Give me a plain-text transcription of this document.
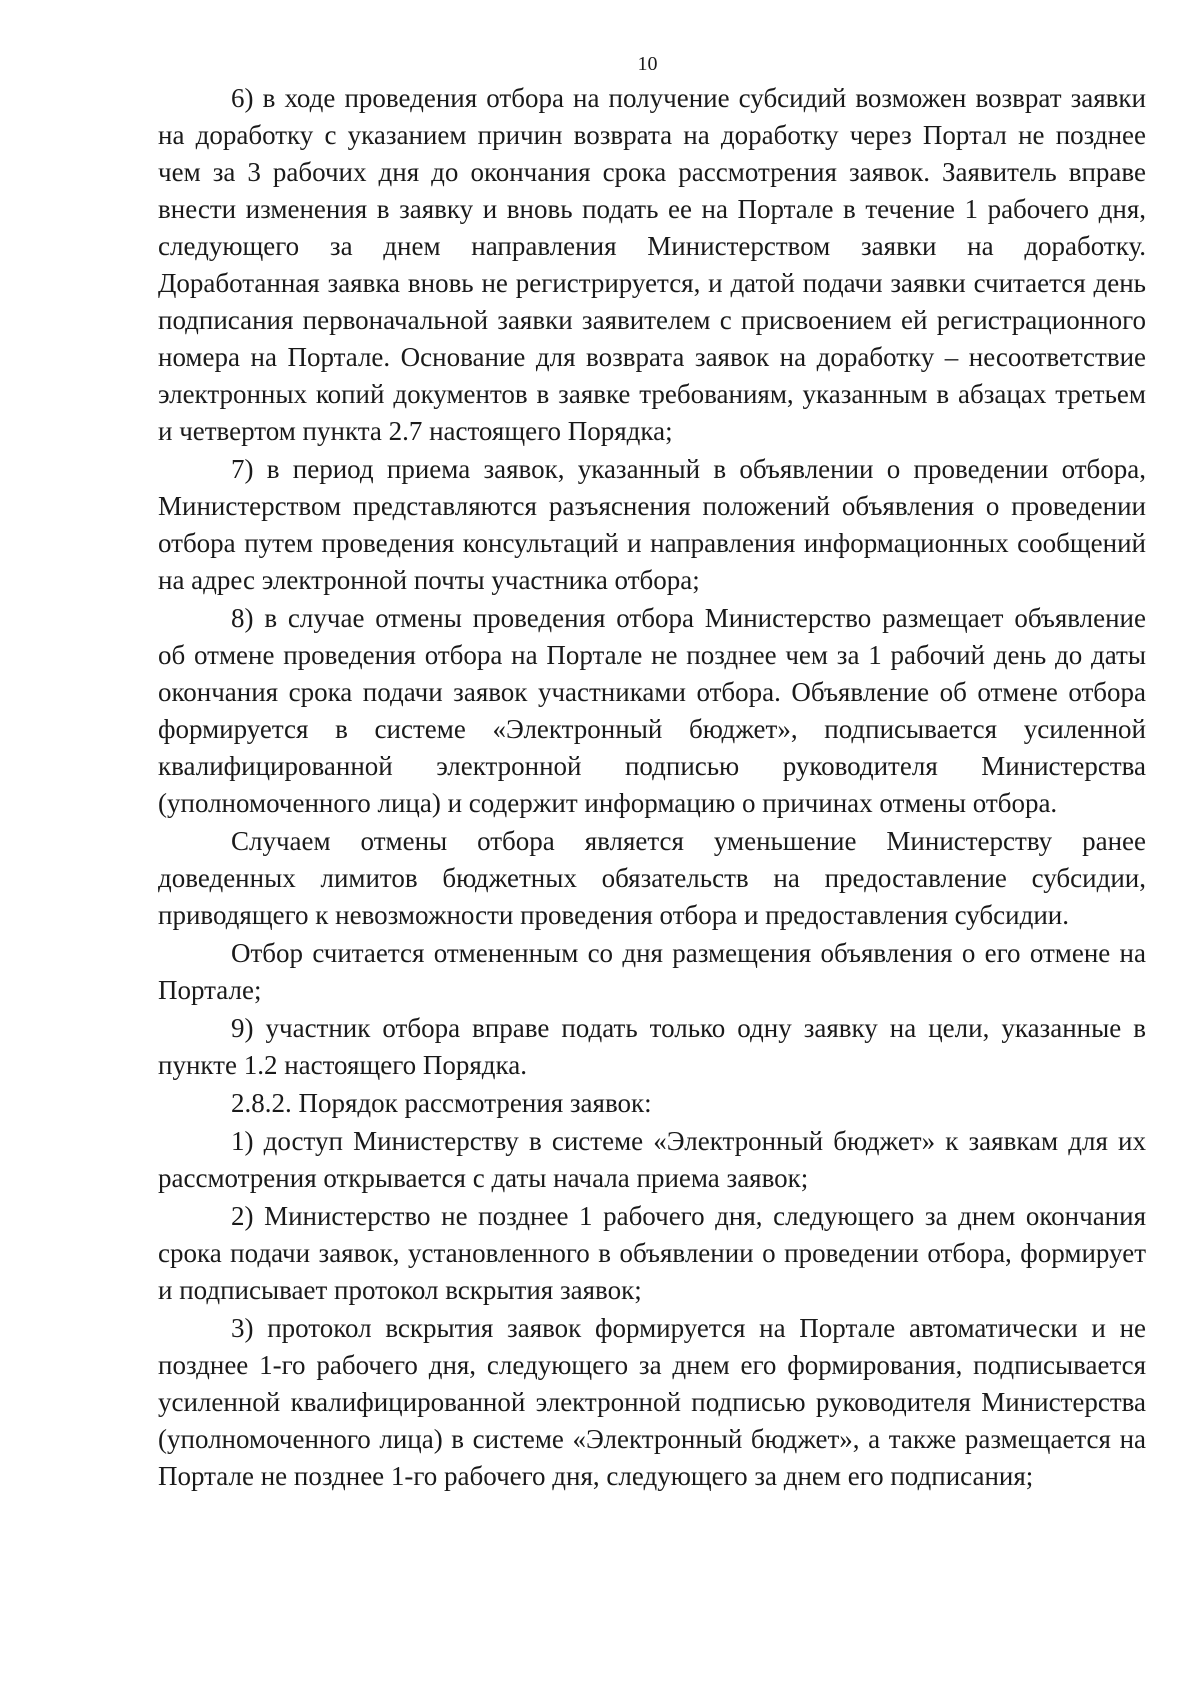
10

6) в ходе проведения отбора на получение субсидий возможен возврат заявки на доработку с указанием причин возврата на доработку через Портал не позднее чем за 3 рабочих дня до окончания срока рассмотрения заявок. Заявитель вправе внести изменения в заявку и вновь подать ее на Портале в течение 1 рабочего дня, следующего за днем направления Министерством заявки на доработку. Доработанная заявка вновь не регистрируется, и датой подачи заявки считается день подписания первоначальной заявки заявителем с присвоением ей регистрационного номера на Портале. Основание для возврата заявок на доработку – несоответствие электронных копий документов в заявке требованиям, указанным в абзацах третьем и четвертом пункта 2.7 настоящего Порядка;

7) в период приема заявок, указанный в объявлении о проведении отбора, Министерством представляются разъяснения положений объявления о проведении отбора путем проведения консультаций и направления информационных сообщений на адрес электронной почты участника отбора;

8) в случае отмены проведения отбора Министерство размещает объявление об отмене проведения отбора на Портале не позднее чем за 1 рабочий день до даты окончания срока подачи заявок участниками отбора. Объявление об отмене отбора формируется в системе «Электронный бюджет», подписывается усиленной квалифицированной электронной подписью руководителя Министерства (уполномоченного лица) и содержит информацию о причинах отмены отбора.

Случаем отмены отбора является уменьшение Министерству ранее доведенных лимитов бюджетных обязательств на предоставление субсидии, приводящего к невозможности проведения отбора и предоставления субсидии.

Отбор считается отмененным со дня размещения объявления о его отмене на Портале;

9) участник отбора вправе подать только одну заявку на цели, указанные в пункте 1.2 настоящего Порядка.

2.8.2. Порядок рассмотрения заявок:

1) доступ Министерству в системе «Электронный бюджет» к заявкам для их рассмотрения открывается с даты начала приема заявок;

2) Министерство не позднее 1 рабочего дня, следующего за днем окончания срока подачи заявок, установленного в объявлении о проведении отбора, формирует и подписывает протокол вскрытия заявок;

3) протокол вскрытия заявок формируется на Портале автоматически и не позднее 1-го рабочего дня, следующего за днем его формирования, подписывается усиленной квалифицированной электронной подписью руководителя Министерства (уполномоченного лица) в системе «Электронный бюджет», а также размещается на Портале не позднее 1-го рабочего дня, следующего за днем его подписания;
